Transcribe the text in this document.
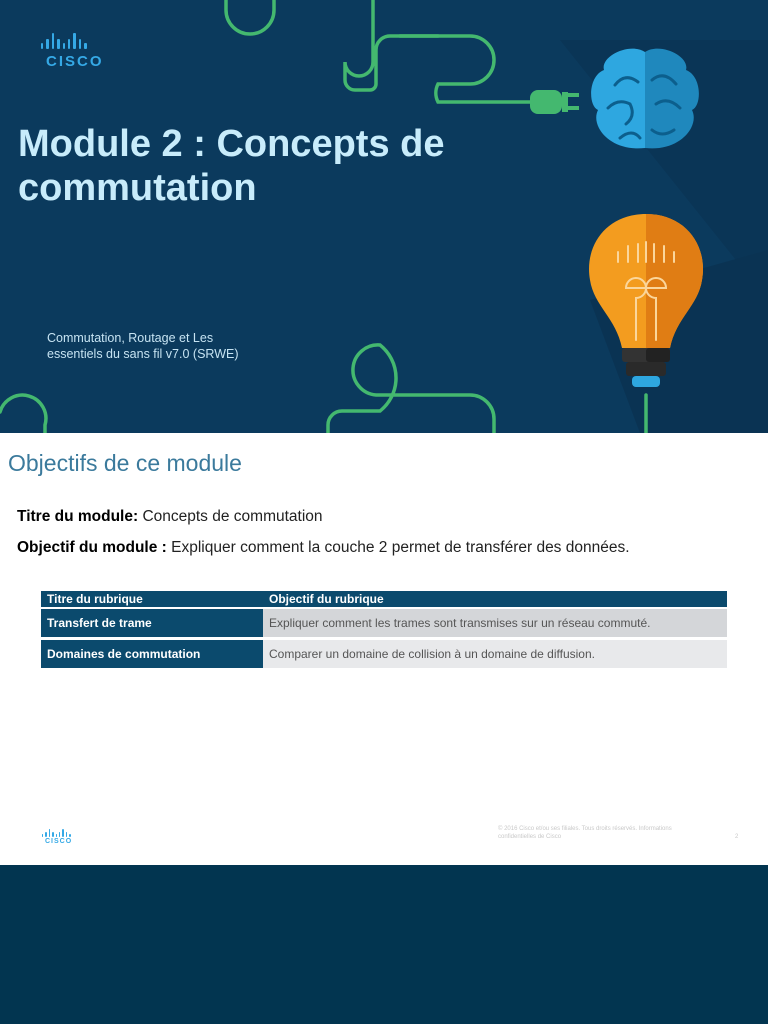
CISCO
Module 2 : Concepts de commutation
Commutation, Routage et Les essentiels du sans fil v7.0 (SRWE)
Objectifs de ce module
Titre du module: Concepts de commutation
Objectif du module : Expliquer comment la couche 2 permet de transférer des données.
Titre du rubrique	Objectif du rubrique
Transfert de trame	Expliquer comment les trames sont transmises sur un réseau commuté.
Domaines de commutation	Comparer un domaine de collision à un domaine de diffusion.
CISCO
© 2016 Cisco et/ou ses filiales. Tous droits réservés. Informations confidentielles de Cisco	2
